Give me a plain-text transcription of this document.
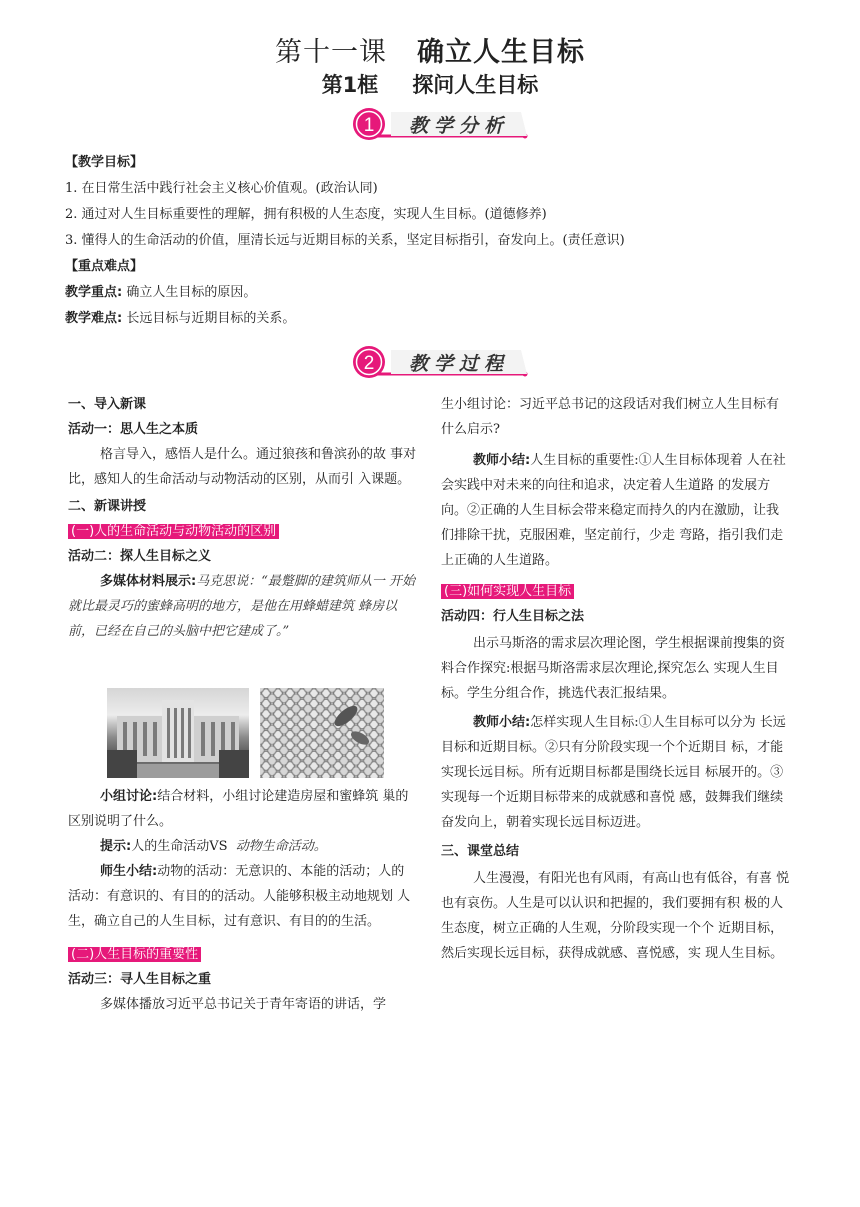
第十一课 确立人生目标
第1框 探问人生目标
1 教学分析
【教学目标】
1. 在日常生活中践行社会主义核心价值观。(政治认同)
2. 通过对人生目标重要性的理解，拥有积极的人生态度，实现人生目标。(道德修养)
3. 懂得人的生命活动的价值，厘清长远与近期目标的关系，坚定目标指引，奋发向上。(责任意识)
【重点难点】
教学重点: 确立人生目标的原因。
教学难点: 长远目标与近期目标的关系。
2 教学过程

一、导入新课

活动一：思人生之本质

格言导入，感悟人是什么。通过狼孩和鲁滨孙的故 事对比，感知人的生命活动与动物活动的区别，从而引 入课题。

二、新课讲授

(一)人的生命活动与动物活动的区别

活动二：探人生目标之义

多媒体材料展示:马克思说：“最蹩脚的建筑师从一 开始就比最灵巧的蜜蜂高明的地方，是他在用蜂蜡建筑 蜂房以前，已经在自己的头脑中把它建成了。”

小组讨论:结合材料，小组讨论建造房屋和蜜蜂筑 巢的区别说明了什么。

提示:人的生命活动VS 动物生命活动。

师生小结:动物的活动：无意识的、本能的活动；人的 活动：有意识的、有目的的活动。人能够积极主动地规划 人生，确立自己的人生目标，过有意识、有目的的生活。

(二)人生目标的重要性

活动三：寻人生目标之重

多媒体播放习近平总书记关于青年寄语的讲话，学

生小组讨论：习近平总书记的这段话对我们树立人生目标有什么启示?

教师小结:人生目标的重要性:①人生目标体现着 人在社会实践中对未来的向往和追求，决定着人生道路 的发展方向。②正确的人生目标会带来稳定而持久的内在激励，让我们排除干扰，克服困难，坚定前行，少走 弯路，指引我们走上正确的人生道路。

(三)如何实现人生目标

活动四：行人生目标之法

出示马斯洛的需求层次理论图，学生根据课前搜集的资料合作探究:根据马斯洛需求层次理论,探究怎么 实现人生目标。学生分组合作，挑选代表汇报结果。

教师小结:怎样实现人生目标:①人生目标可以分为 长远目标和近期目标。②只有分阶段实现一个个近期目 标，才能实现长远目标。所有近期目标都是围绕长远目 标展开的。③实现每一个近期目标带来的成就感和喜悦 感，鼓舞我们继续奋发向上，朝着实现长远目标迈进。

三、课堂总结

人生漫漫，有阳光也有风雨，有高山也有低谷，有喜 悦也有哀伤。人生是可以认识和把握的，我们要拥有积 极的人生态度，树立正确的人生观，分阶段实现一个个 近期目标，然后实现长远目标，获得成就感、喜悦感，实 现人生目标。
